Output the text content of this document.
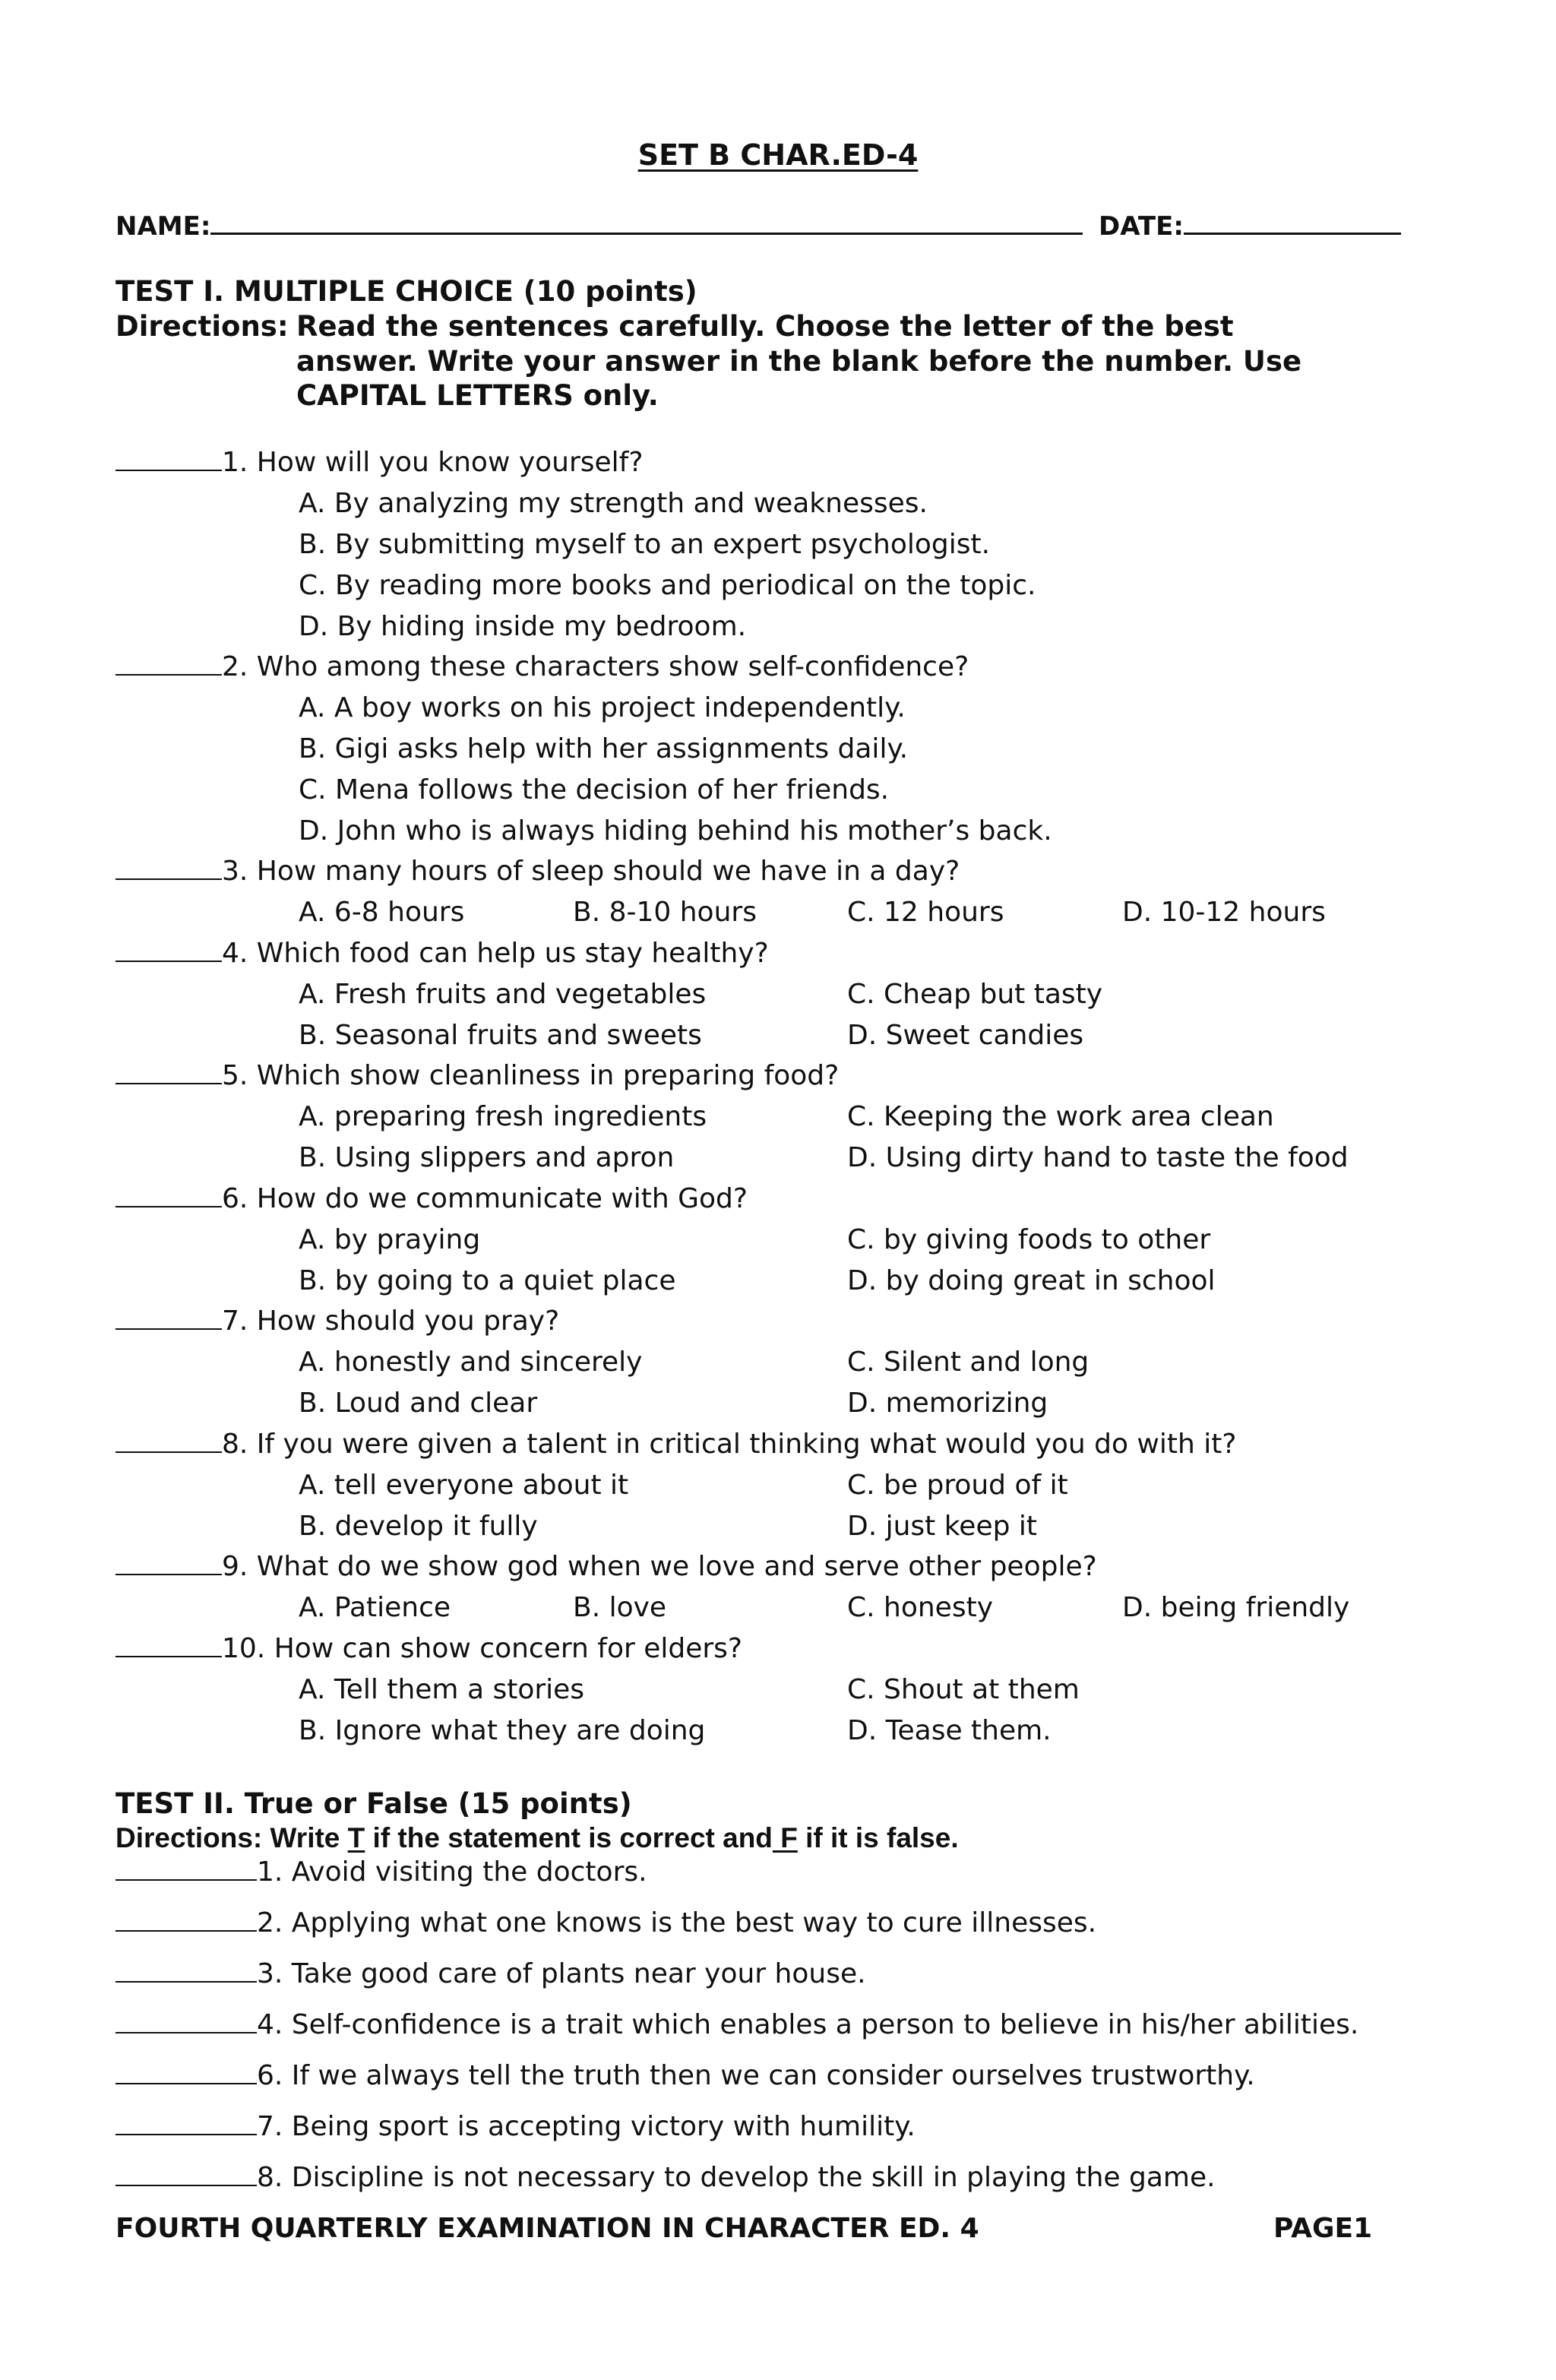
SET B CHAR.ED-4
NAME:	DATE:
TEST I. MULTIPLE CHOICE (10 points)
Directions: Read the sentences carefully. Choose the letter of the best
answer. Write your answer in the blank before the number. Use
CAPITAL LETTERS only.
1. How will you know yourself?
A. By analyzing my strength and weaknesses.
B. By submitting myself to an expert psychologist.
C. By reading more books and periodical on the topic.
D. By hiding inside my bedroom.
2. Who among these characters show self-confidence?
A. A boy works on his project independently.
B. Gigi asks help with her assignments daily.
C. Mena follows the decision of her friends.
D. John who is always hiding behind his mother’s back.
3. How many hours of sleep should we have in a day?
A. 6-8 hours	B. 8-10 hours	C. 12 hours	D. 10-12 hours
4. Which food can help us stay healthy?
A. Fresh fruits and vegetables	C. Cheap but tasty
B. Seasonal fruits and sweets	D. Sweet candies
5. Which show cleanliness in preparing food?
A. preparing fresh ingredients	C. Keeping the work area clean
B. Using slippers and apron	D. Using dirty hand to taste the food
6. How do we communicate with God?
A. by praying	C. by giving foods to other
B. by going to a quiet place	D. by doing great in school
7. How should you pray?
A. honestly and sincerely	C. Silent and long
B. Loud and clear	D. memorizing
8. If you were given a talent in critical thinking what would you do with it?
A. tell everyone about it	C. be proud of it
B. develop it fully	D. just keep it
9. What do we show god when we love and serve other people?
A. Patience	B. love	C. honesty	D. being friendly
10. How can show concern for elders?
A. Tell them a stories	C. Shout at them
B. Ignore what they are doing	D. Tease them.
TEST II. True or False (15 points)
Directions: Write T if the statement is correct and F if it is false.
1. Avoid visiting the doctors.
2. Applying what one knows is the best way to cure illnesses.
3. Take good care of plants near your house.
4. Self-confidence is a trait which enables a person to believe in his/her abilities.
6. If we always tell the truth then we can consider ourselves trustworthy.
7. Being sport is accepting victory with humility.
8. Discipline is not necessary to develop the skill in playing the game.
FOURTH QUARTERLY EXAMINATION IN CHARACTER ED. 4	PAGE1
